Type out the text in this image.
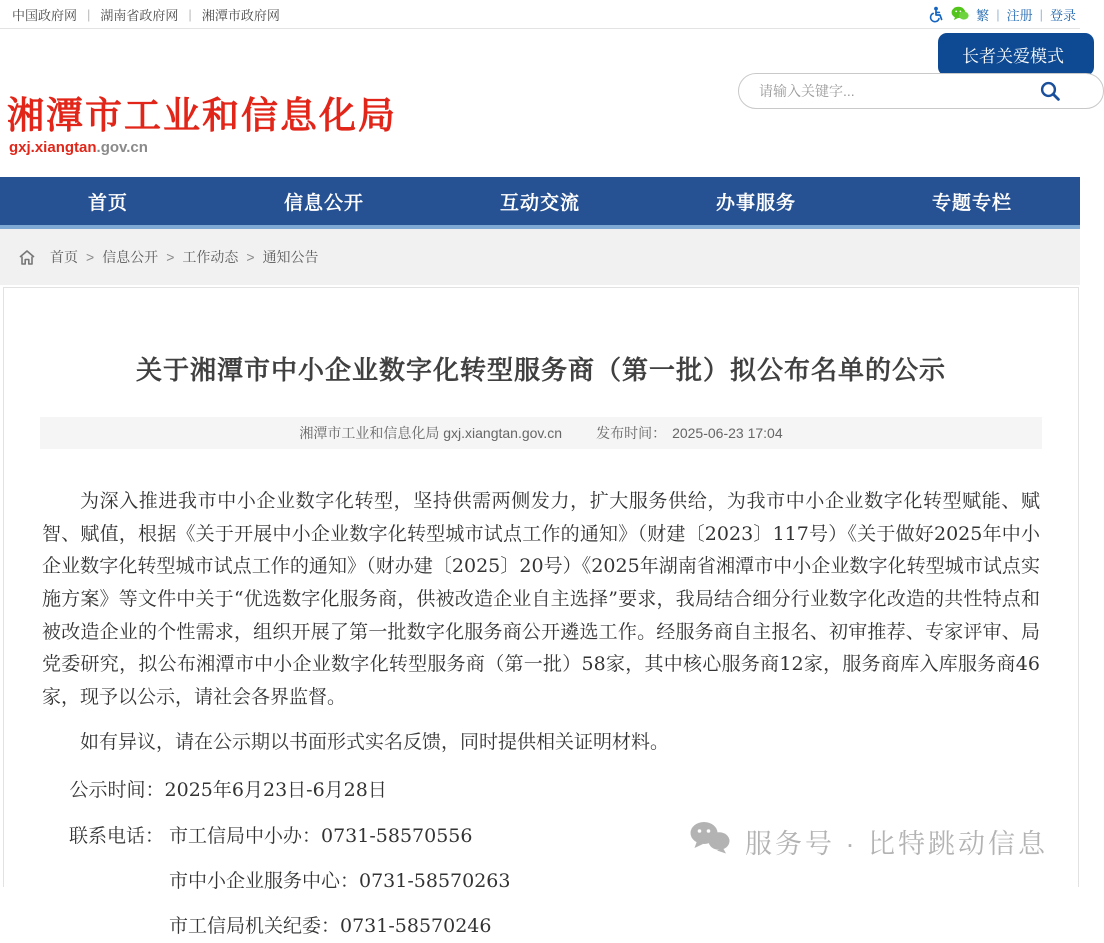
中国政府网 | 湖南省政府网 | 湘潭市政府网	繁 | 注册 | 登录
湘潭市工业和信息化局
gxj.xiangtan.gov.cn
长者关爱模式
请输入关键字...
首页	信息公开	互动交流	办事服务	专题专栏
首页 > 信息公开 > 工作动态 > 通知公告
关于湘潭市中小企业数字化转型服务商（第一批）拟公布名单的公示
湘潭市工业和信息化局 gxj.xiangtan.gov.cn 发布时间： 2025-06-23 17:04

为深入推进我市中小企业数字化转型，坚持供需两侧发力，扩大服务供给，为我市中小企业数字化转型赋能、赋智、赋值，根据《关于开展中小企业数字化转型城市试点工作的通知》（财建〔2023〕117号）《关于做好2025年中小企业数字化转型城市试点工作的通知》（财办建〔2025〕20号）《2025年湖南省湘潭市中小企业数字化转型城市试点实施方案》等文件中关于“优选数字化服务商，供被改造企业自主选择”要求，我局结合细分行业数字化改造的共性特点和被改造企业的个性需求，组织开展了第一批数字化服务商公开遴选工作。经服务商自主报名、初审推荐、专家评审、局党委研究，拟公布湘潭市中小企业数字化转型服务商（第一批）58家，其中核心服务商12家，服务商库入库服务商46家，现予以公示，请社会各界监督。

如有异议，请在公示期以书面形式实名反馈，同时提供相关证明材料。

公示时间：2025年6月23日-6月28日
联系电话： 市工信局中小办：0731-58570556
市中小企业服务中心：0731-58570263
市工信局机关纪委：0731-58570246
服务号 · 比特跳动信息
